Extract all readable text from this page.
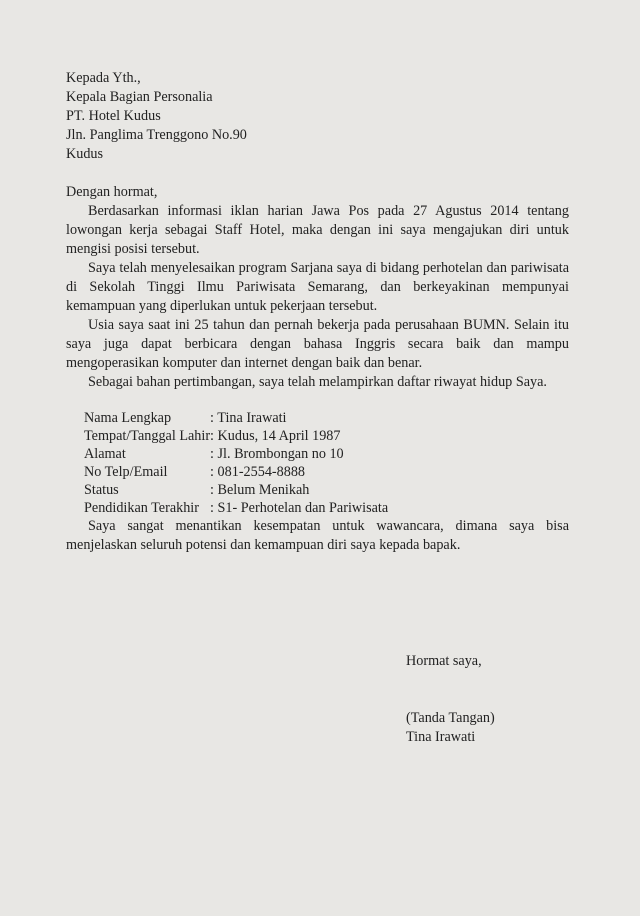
Kepada Yth.,
Kepala Bagian Personalia
PT. Hotel Kudus
Jln. Panglima Trenggono No.90
Kudus

Dengan hormat,

Berdasarkan informasi iklan harian Jawa Pos pada 27 Agustus 2014 tentang lowongan kerja sebagai Staff Hotel, maka dengan ini saya mengajukan diri untuk mengisi posisi tersebut.

Saya telah menyelesaikan program Sarjana saya di bidang perhotelan dan pariwisata di Sekolah Tinggi Ilmu Pariwisata Semarang, dan berkeyakinan mempunyai kemampuan yang diperlukan untuk pekerjaan tersebut.

Usia saya saat ini 25 tahun dan pernah bekerja pada perusahaan BUMN. Selain itu saya juga dapat berbicara dengan bahasa Inggris secara baik dan mampu mengoperasikan komputer dan internet dengan baik dan benar.

Sebagai bahan pertimbangan, saya telah melampirkan daftar riwayat hidup Saya.

Nama Lengkap	: Tina Irawati
Tempat/Tanggal Lahir	: Kudus, 14 April 1987
Alamat	: Jl. Brombongan no 10
No Telp/Email	: 081-2554-8888
Status	: Belum Menikah
Pendidikan Terakhir	: S1- Perhotelan dan Pariwisata

Saya sangat menantikan kesempatan untuk wawancara, dimana saya bisa menjelaskan seluruh potensi dan kemampuan diri saya kepada bapak.

Hormat saya,
(Tanda Tangan)
Tina Irawati
